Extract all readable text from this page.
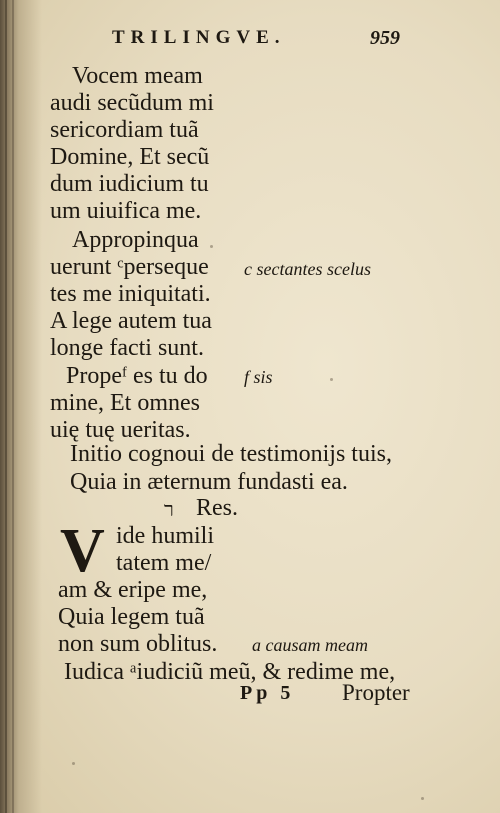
TRILINGVE.	959
Vocem meam
audi secũdum mi
sericordiam tuã
Domine, Et secũ
dum iudicium tu
um uiuifica me.
Appropinqua
uerunt ᶜperseque
tes me iniquitati.
A lege autem tua
longe facti sunt.
Propeᶠ es tu do
mine, Et omnes
uię tuę ueritas.
Initio cognoui de testimonijs tuis,
Quia in æternum fundasti ea.
ר Res.
V ide humili
tatem me/
am & eripe me,
Quia legem tuã
non sum oblitus.
Iudica ᵃiudiciũ meũ, & redime me,
c sectantes scelus
f sis
a causam meam
Pp 5 Propter
